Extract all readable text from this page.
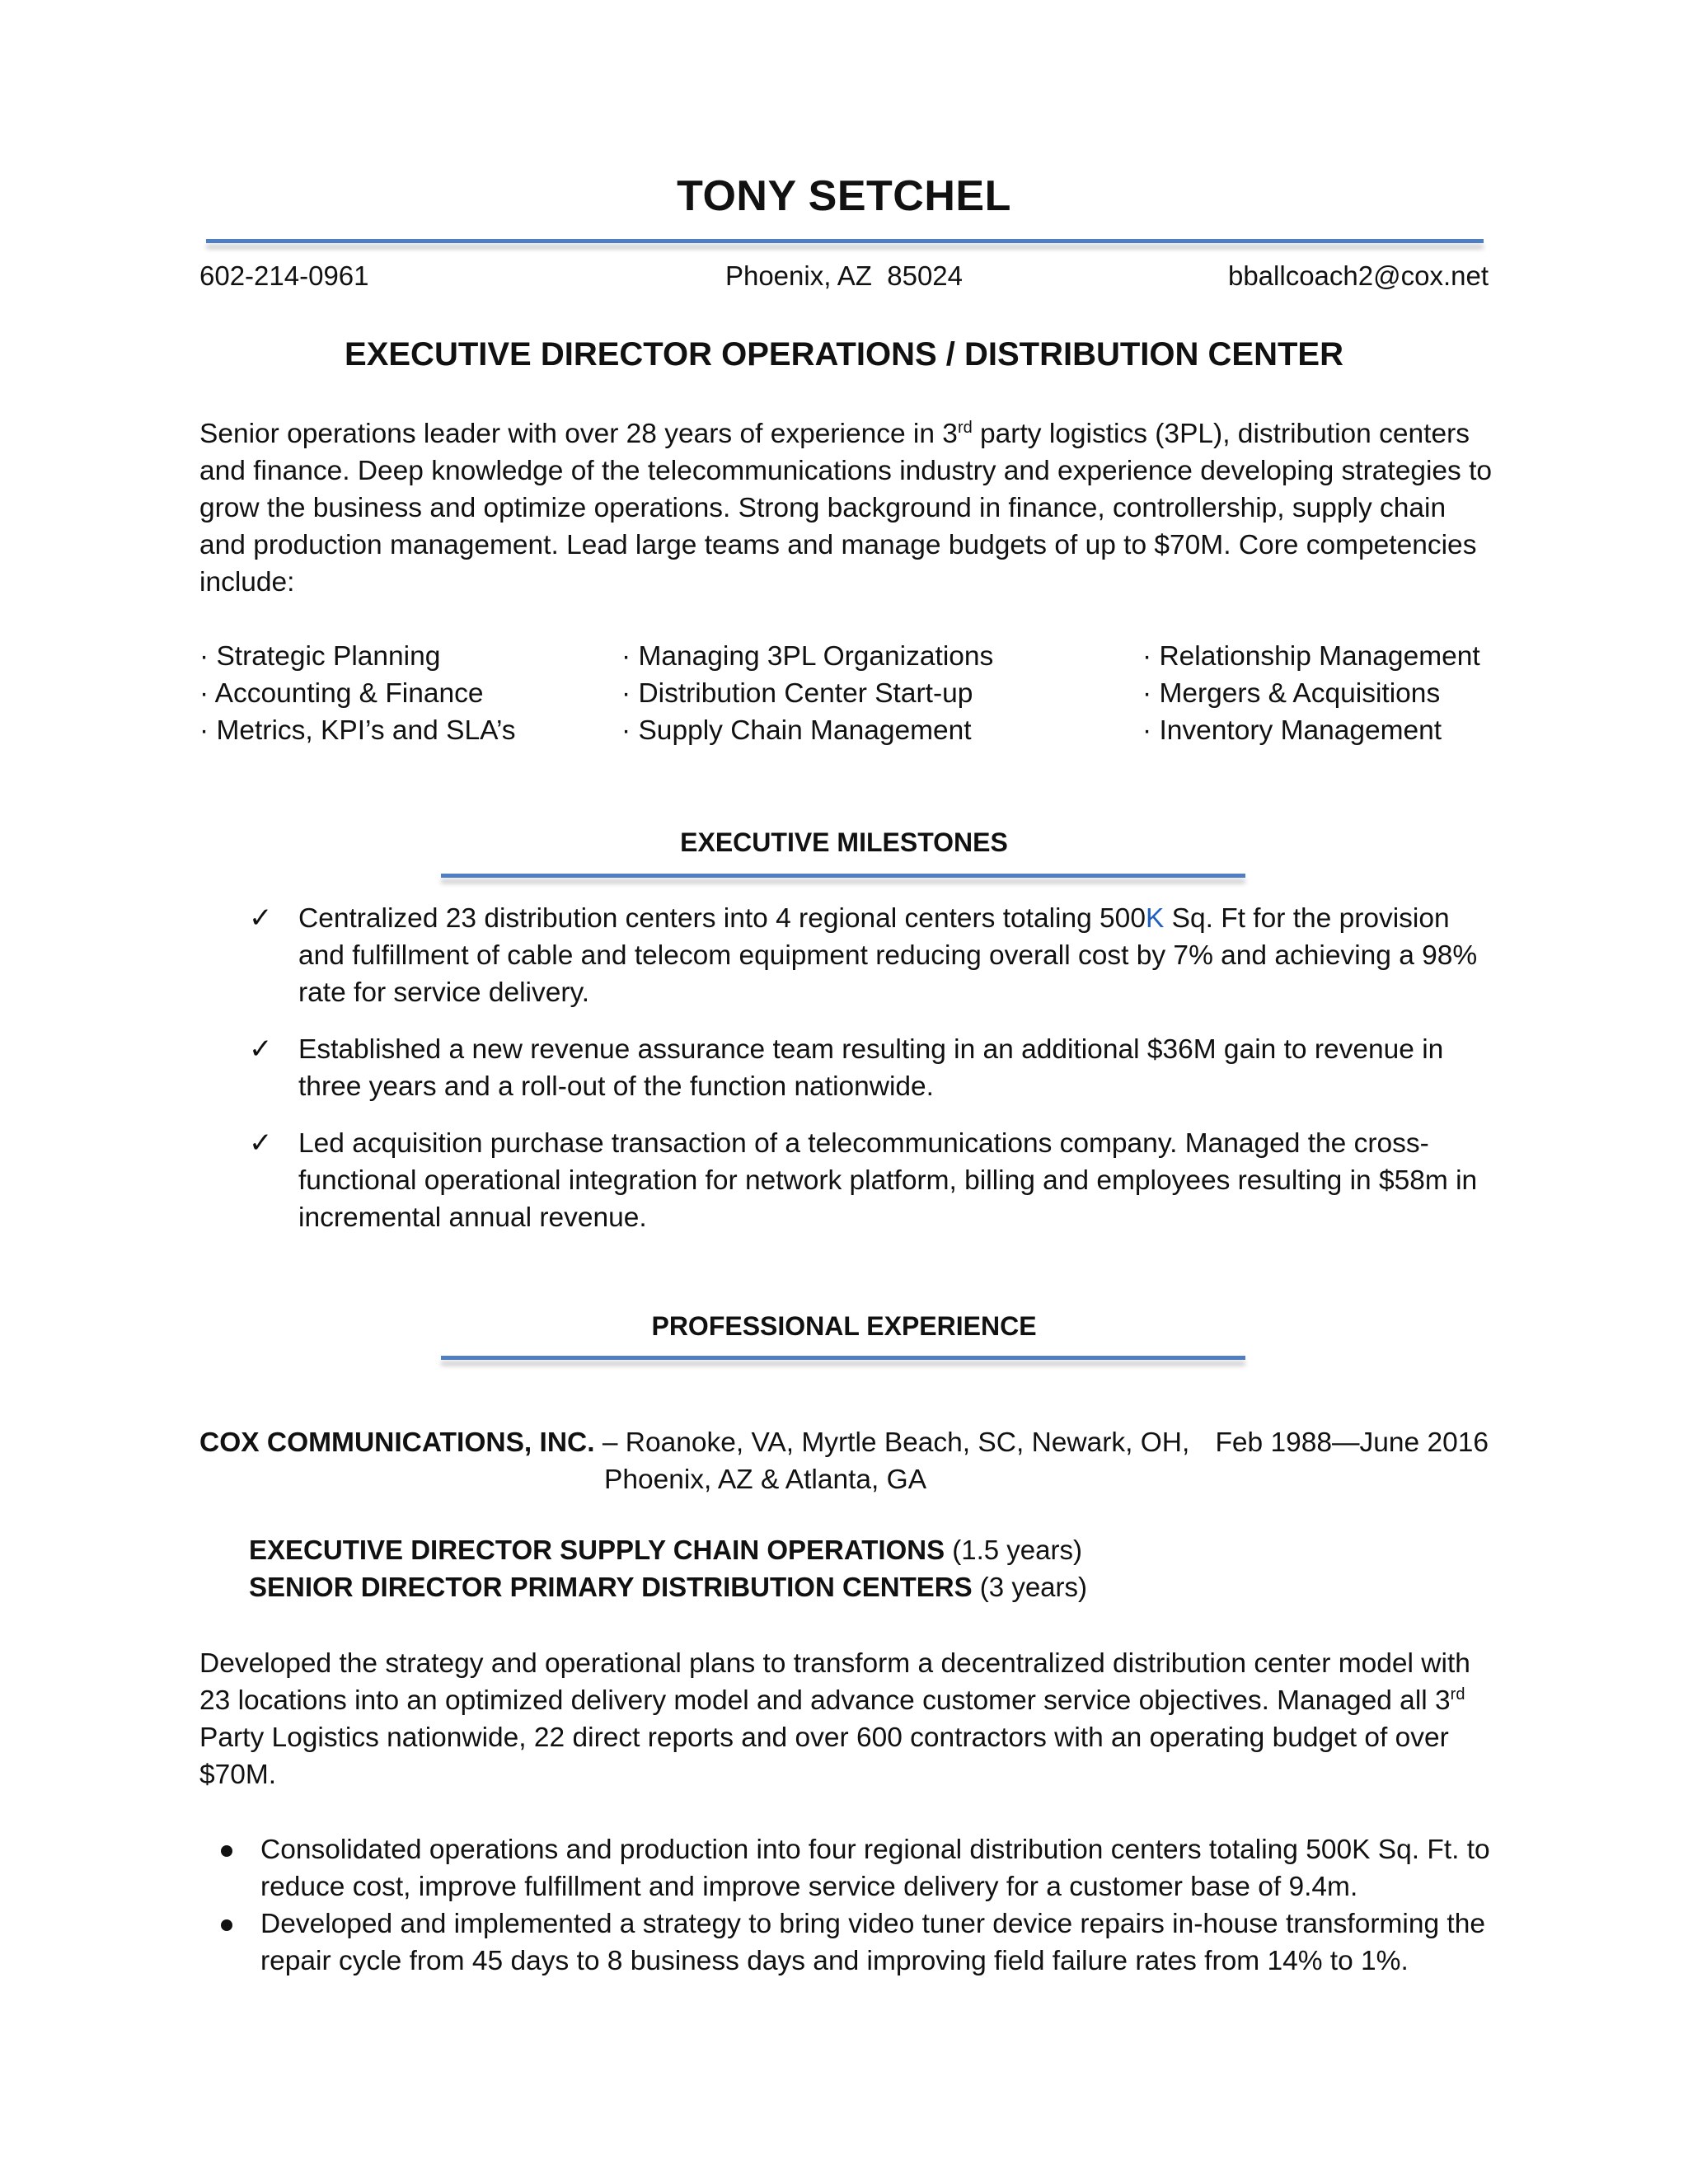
TONY SETCHEL
602-214-0961	Phoenix, AZ  85024	bballcoach2@cox.net
EXECUTIVE DIRECTOR OPERATIONS / DISTRIBUTION CENTER

Senior operations leader with over 28 years of experience in 3rd party logistics (3PL), distribution centers and finance. Deep knowledge of the telecommunications industry and experience developing strategies to grow the business and optimize operations. Strong background in finance, controllership, supply chain and production management. Lead large teams and manage budgets of up to $70M. Core competencies include:

· Strategic Planning
· Accounting & Finance
· Metrics, KPI’s and SLA’s
· Managing 3PL Organizations
· Distribution Center Start-up
· Supply Chain Management
· Relationship Management
· Mergers & Acquisitions
· Inventory Management
EXECUTIVE MILESTONES
✓ Centralized 23 distribution centers into 4 regional centers totaling 500K Sq. Ft for the provision and fulfillment of cable and telecom equipment reducing overall cost by 7% and achieving a 98% rate for service delivery.
✓ Established a new revenue assurance team resulting in an additional $36M gain to revenue in three years and a roll-out of the function nationwide.
✓ Led acquisition purchase transaction of a telecommunications company. Managed the cross-functional operational integration for network platform, billing and employees resulting in $58m in incremental annual revenue.
PROFESSIONAL EXPERIENCE
COX COMMUNICATIONS, INC. – Roanoke, VA, Myrtle Beach, SC, Newark, OH,
Phoenix, AZ & Atlanta, GA
Feb 1988—June 2016
EXECUTIVE DIRECTOR SUPPLY CHAIN OPERATIONS (1.5 years)
SENIOR DIRECTOR PRIMARY DISTRIBUTION CENTERS (3 years)

Developed the strategy and operational plans to transform a decentralized distribution center model with 23 locations into an optimized delivery model and advance customer service objectives. Managed all 3rd Party Logistics nationwide, 22 direct reports and over 600 contractors with an operating budget of over $70M.

Consolidated operations and production into four regional distribution centers totaling 500K Sq. Ft. to reduce cost, improve fulfillment and improve service delivery for a customer base of 9.4m.
Developed and implemented a strategy to bring video tuner device repairs in-house transforming the repair cycle from 45 days to 8 business days and improving field failure rates from 14% to 1%.
